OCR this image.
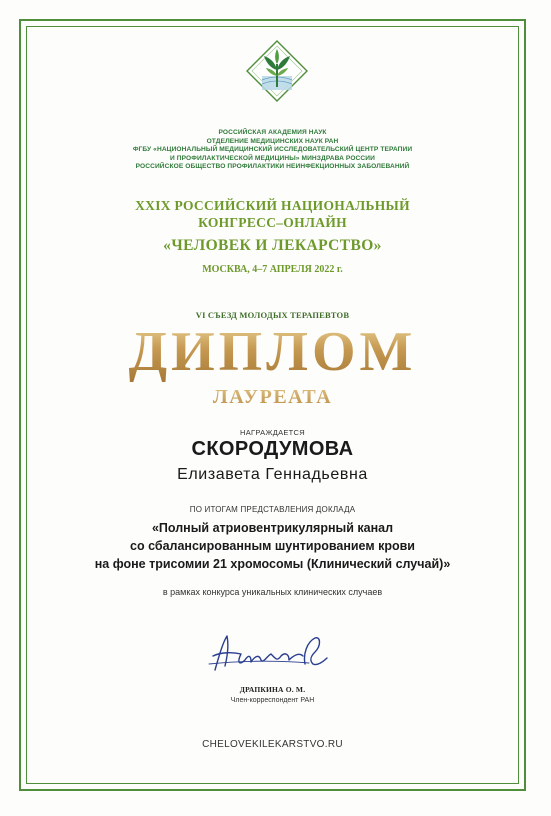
РОССИЙСКАЯ АКАДЕМИЯ НАУК
ОТДЕЛЕНИЕ МЕДИЦИНСКИХ НАУК РАН
ФГБУ «НАЦИОНАЛЬНЫЙ МЕДИЦИНСКИЙ ИССЛЕДОВАТЕЛЬСКИЙ ЦЕНТР ТЕРАПИИ
И ПРОФИЛАКТИЧЕСКОЙ МЕДИЦИНЫ» МИНЗДРАВА РОССИИ
РОССИЙСКОЕ ОБЩЕСТВО ПРОФИЛАКТИКИ НЕИНФЕКЦИОННЫХ ЗАБОЛЕВАНИЙ
XXIX РОССИЙСКИЙ НАЦИОНАЛЬНЫЙ
КОНГРЕСС–ОНЛАЙН
«ЧЕЛОВЕК И ЛЕКАРСТВО»
МОСКВА, 4–7 АПРЕЛЯ 2022 г.
VI СЪЕЗД МОЛОДЫХ ТЕРАПЕВТОВ
ДИПЛОМ
ЛАУРЕАТА
НАГРАЖДАЕТСЯ
СКОРОДУМОВА
Елизавета Геннадьевна
ПО ИТОГАМ ПРЕДСТАВЛЕНИЯ ДОКЛАДА
«Полный атриовентрикулярный канал
со сбалансированным шунтированием крови
на фоне трисомии 21 хромосомы (Клинический случай)»
в рамках конкурса уникальных клинических случаев
ДРАПКИНА О. М.
Член-корреспондент РАН
CHELOVEKILEKARSTVO.RU
